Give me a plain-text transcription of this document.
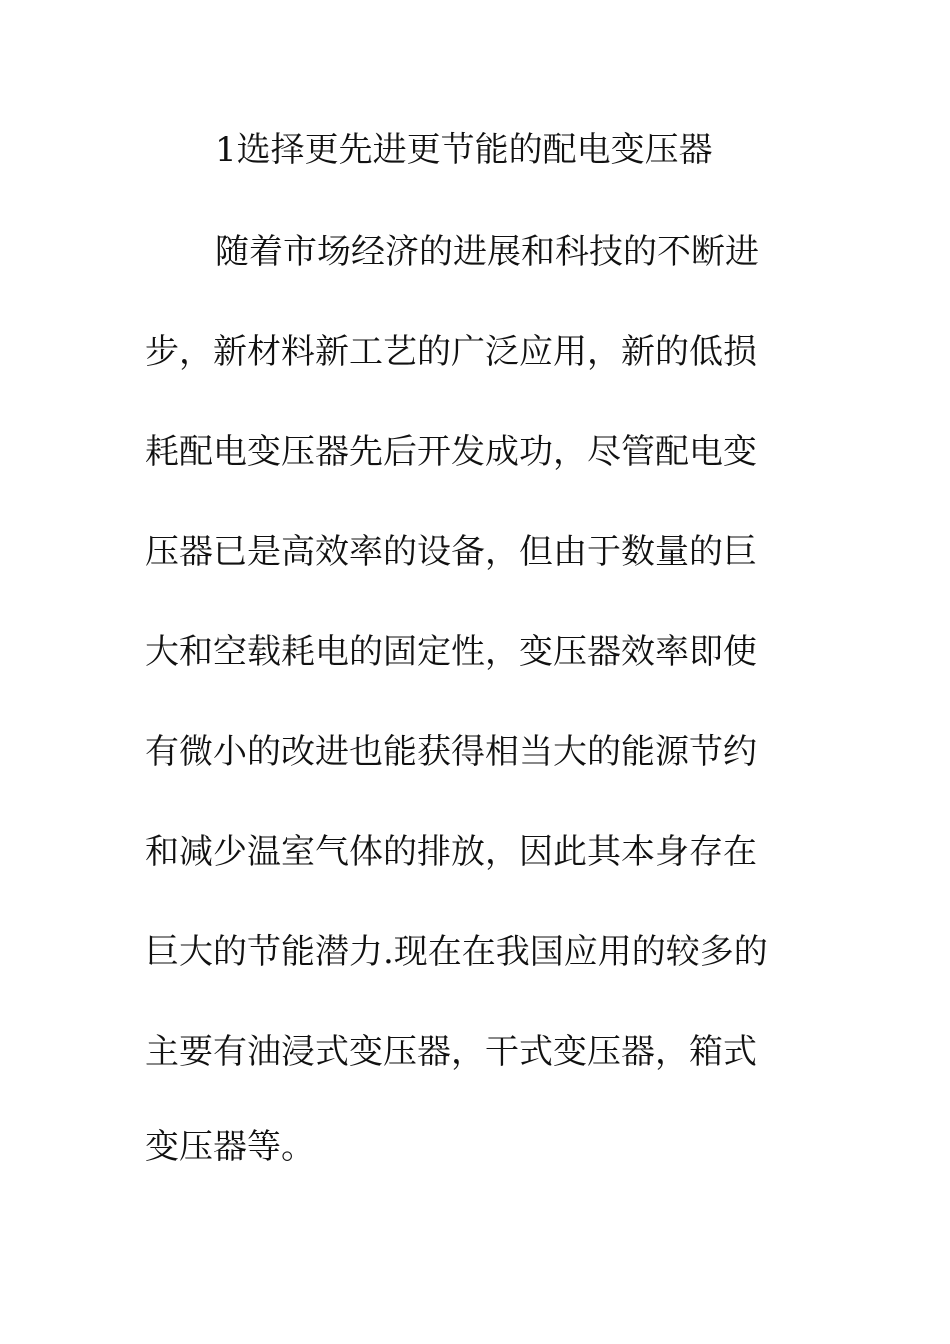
1选择更先进更节能的配电变压器
随着市场经济的进展和科技的不断进
步，新材料新工艺的广泛应用，新的低损
耗配电变压器先后开发成功，尽管配电变
压器已是高效率的设备，但由于数量的巨
大和空载耗电的固定性，变压器效率即使
有微小的改进也能获得相当大的能源节约
和减少温室气体的排放，因此其本身存在
巨大的节能潜力.现在在我国应用的较多的
主要有油浸式变压器，干式变压器，箱式
变压器等。
